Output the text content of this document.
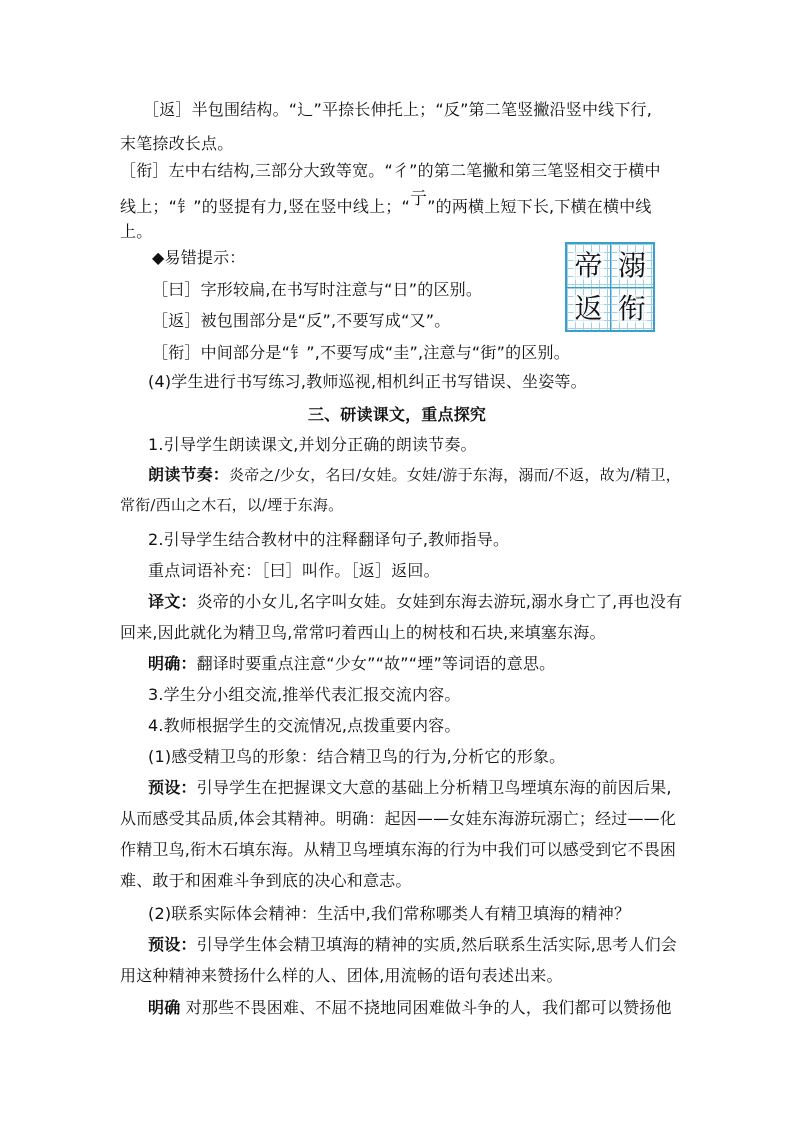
［返］半包围结构。“辶”平捺长伸托上；“反”第二笔竖撇沿竖中线下行,
末笔捺改长点。
［衔］左中右结构,三部分大致等宽。“彳”的第二笔撇和第三笔竖相交于横中
线上；“钅”的竖提有力,竖在竖中线上；“亍”的两横上短下长,下横在横中线
上。
◆易错提示：
［曰］字形较扁,在书写时注意与“日”的区别。
［返］被包围部分是“反”,不要写成“又”。
［衔］中间部分是“钅”,不要写成“圭”,注意与“街”的区别。
(4)学生进行书写练习,教师巡视,相机纠正书写错误、坐姿等。
帝 溺
返 衔
三、研读课文，重点探究
1.引导学生朗读课文,并划分正确的朗读节奏。
朗读节奏：炎帝之/少女，名曰/女娃。女娃/游于东海，溺而/不返，故为/精卫，
常衔/西山之木石，以/堙于东海。
2.引导学生结合教材中的注释翻译句子,教师指导。
重点词语补充：［曰］叫作。［返］返回。
译文：炎帝的小女儿,名字叫女娃。女娃到东海去游玩,溺水身亡了,再也没有
回来,因此就化为精卫鸟,常常叼着西山上的树枝和石块,来填塞东海。
明确：翻译时要重点注意“少女”“故”“堙”等词语的意思。
3.学生分小组交流,推举代表汇报交流内容。
4.教师根据学生的交流情况,点拨重要内容。
(1)感受精卫鸟的形象：结合精卫鸟的行为,分析它的形象。
预设：引导学生在把握课文大意的基础上分析精卫鸟堙填东海的前因后果,
从而感受其品质,体会其精神。明确：起因——女娃东海游玩溺亡；经过——化
作精卫鸟,衔木石填东海。从精卫鸟堙填东海的行为中我们可以感受到它不畏困
难、敢于和困难斗争到底的决心和意志。
(2)联系实际体会精神：生活中,我们常称哪类人有精卫填海的精神？
预设：引导学生体会精卫填海的精神的实质,然后联系生活实际,思考人们会
用这种精神来赞扬什么样的人、团体,用流畅的语句表述出来。
明确 对那些不畏困难、不屈不挠地同困难做斗争的人，我们都可以赞扬他
